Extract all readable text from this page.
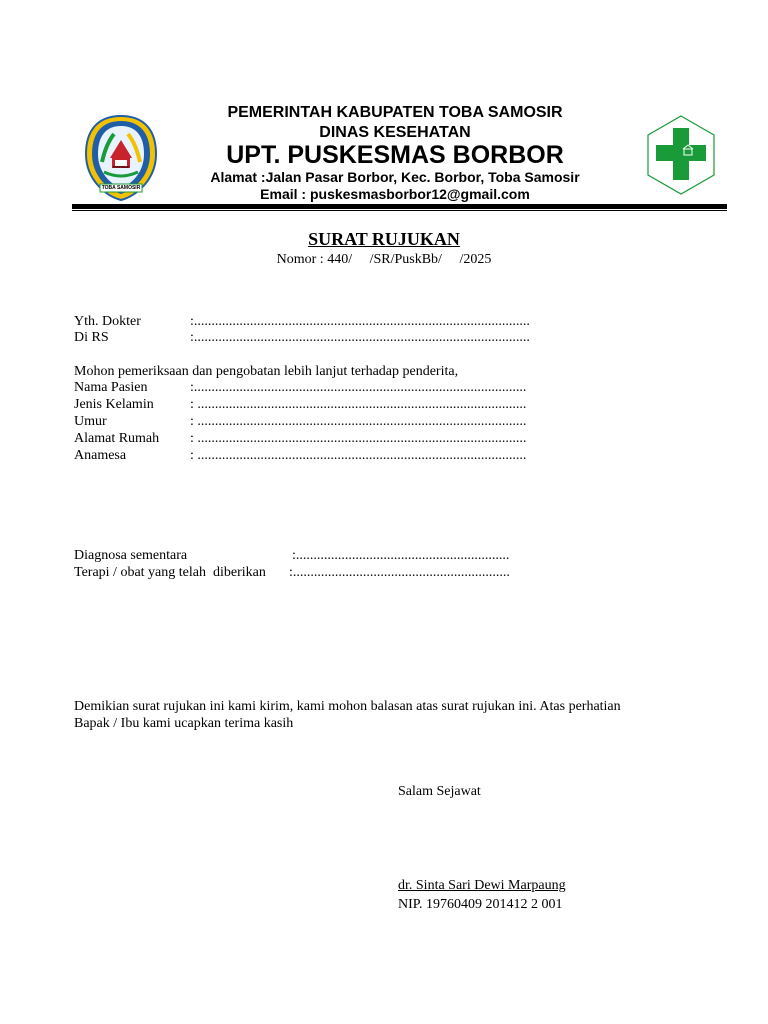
PARTOHAP
TOBA SAMOSIR
PEMERINTAH KABUPATEN TOBA SAMOSIR
DINAS KESEHATAN
UPT. PUSKESMAS BORBOR
Alamat :Jalan Pasar Borbor, Kec. Borbor, Toba Samosir
Email : puskesmasborbor12@gmail.com
SURAT RUJUKAN
Nomor : 440/     /SR/PuskBb/     /2025
Yth. Dokter	:................................................................................................
Di RS	:................................................................................................
Mohon pemeriksaan dan pengobatan lebih lanjut terhadap penderita,
Nama Pasien	:...............................................................................................
Jenis Kelamin	: ..............................................................................................
Umur	: ..............................................................................................
Alamat Rumah : ..............................................................................................
Anamesa	: ..............................................................................................
Diagnosa sementara	:.............................................................
Terapi / obat yang telah  diberikan :..............................................................
Demikian surat rujukan ini kami kirim, kami mohon balasan atas surat rujukan ini. Atas perhatian
Bapak / Ibu kami ucapkan terima kasih
Salam Sejawat
dr. Sinta Sari Dewi Marpaung
NIP. 19760409 201412 2 001
